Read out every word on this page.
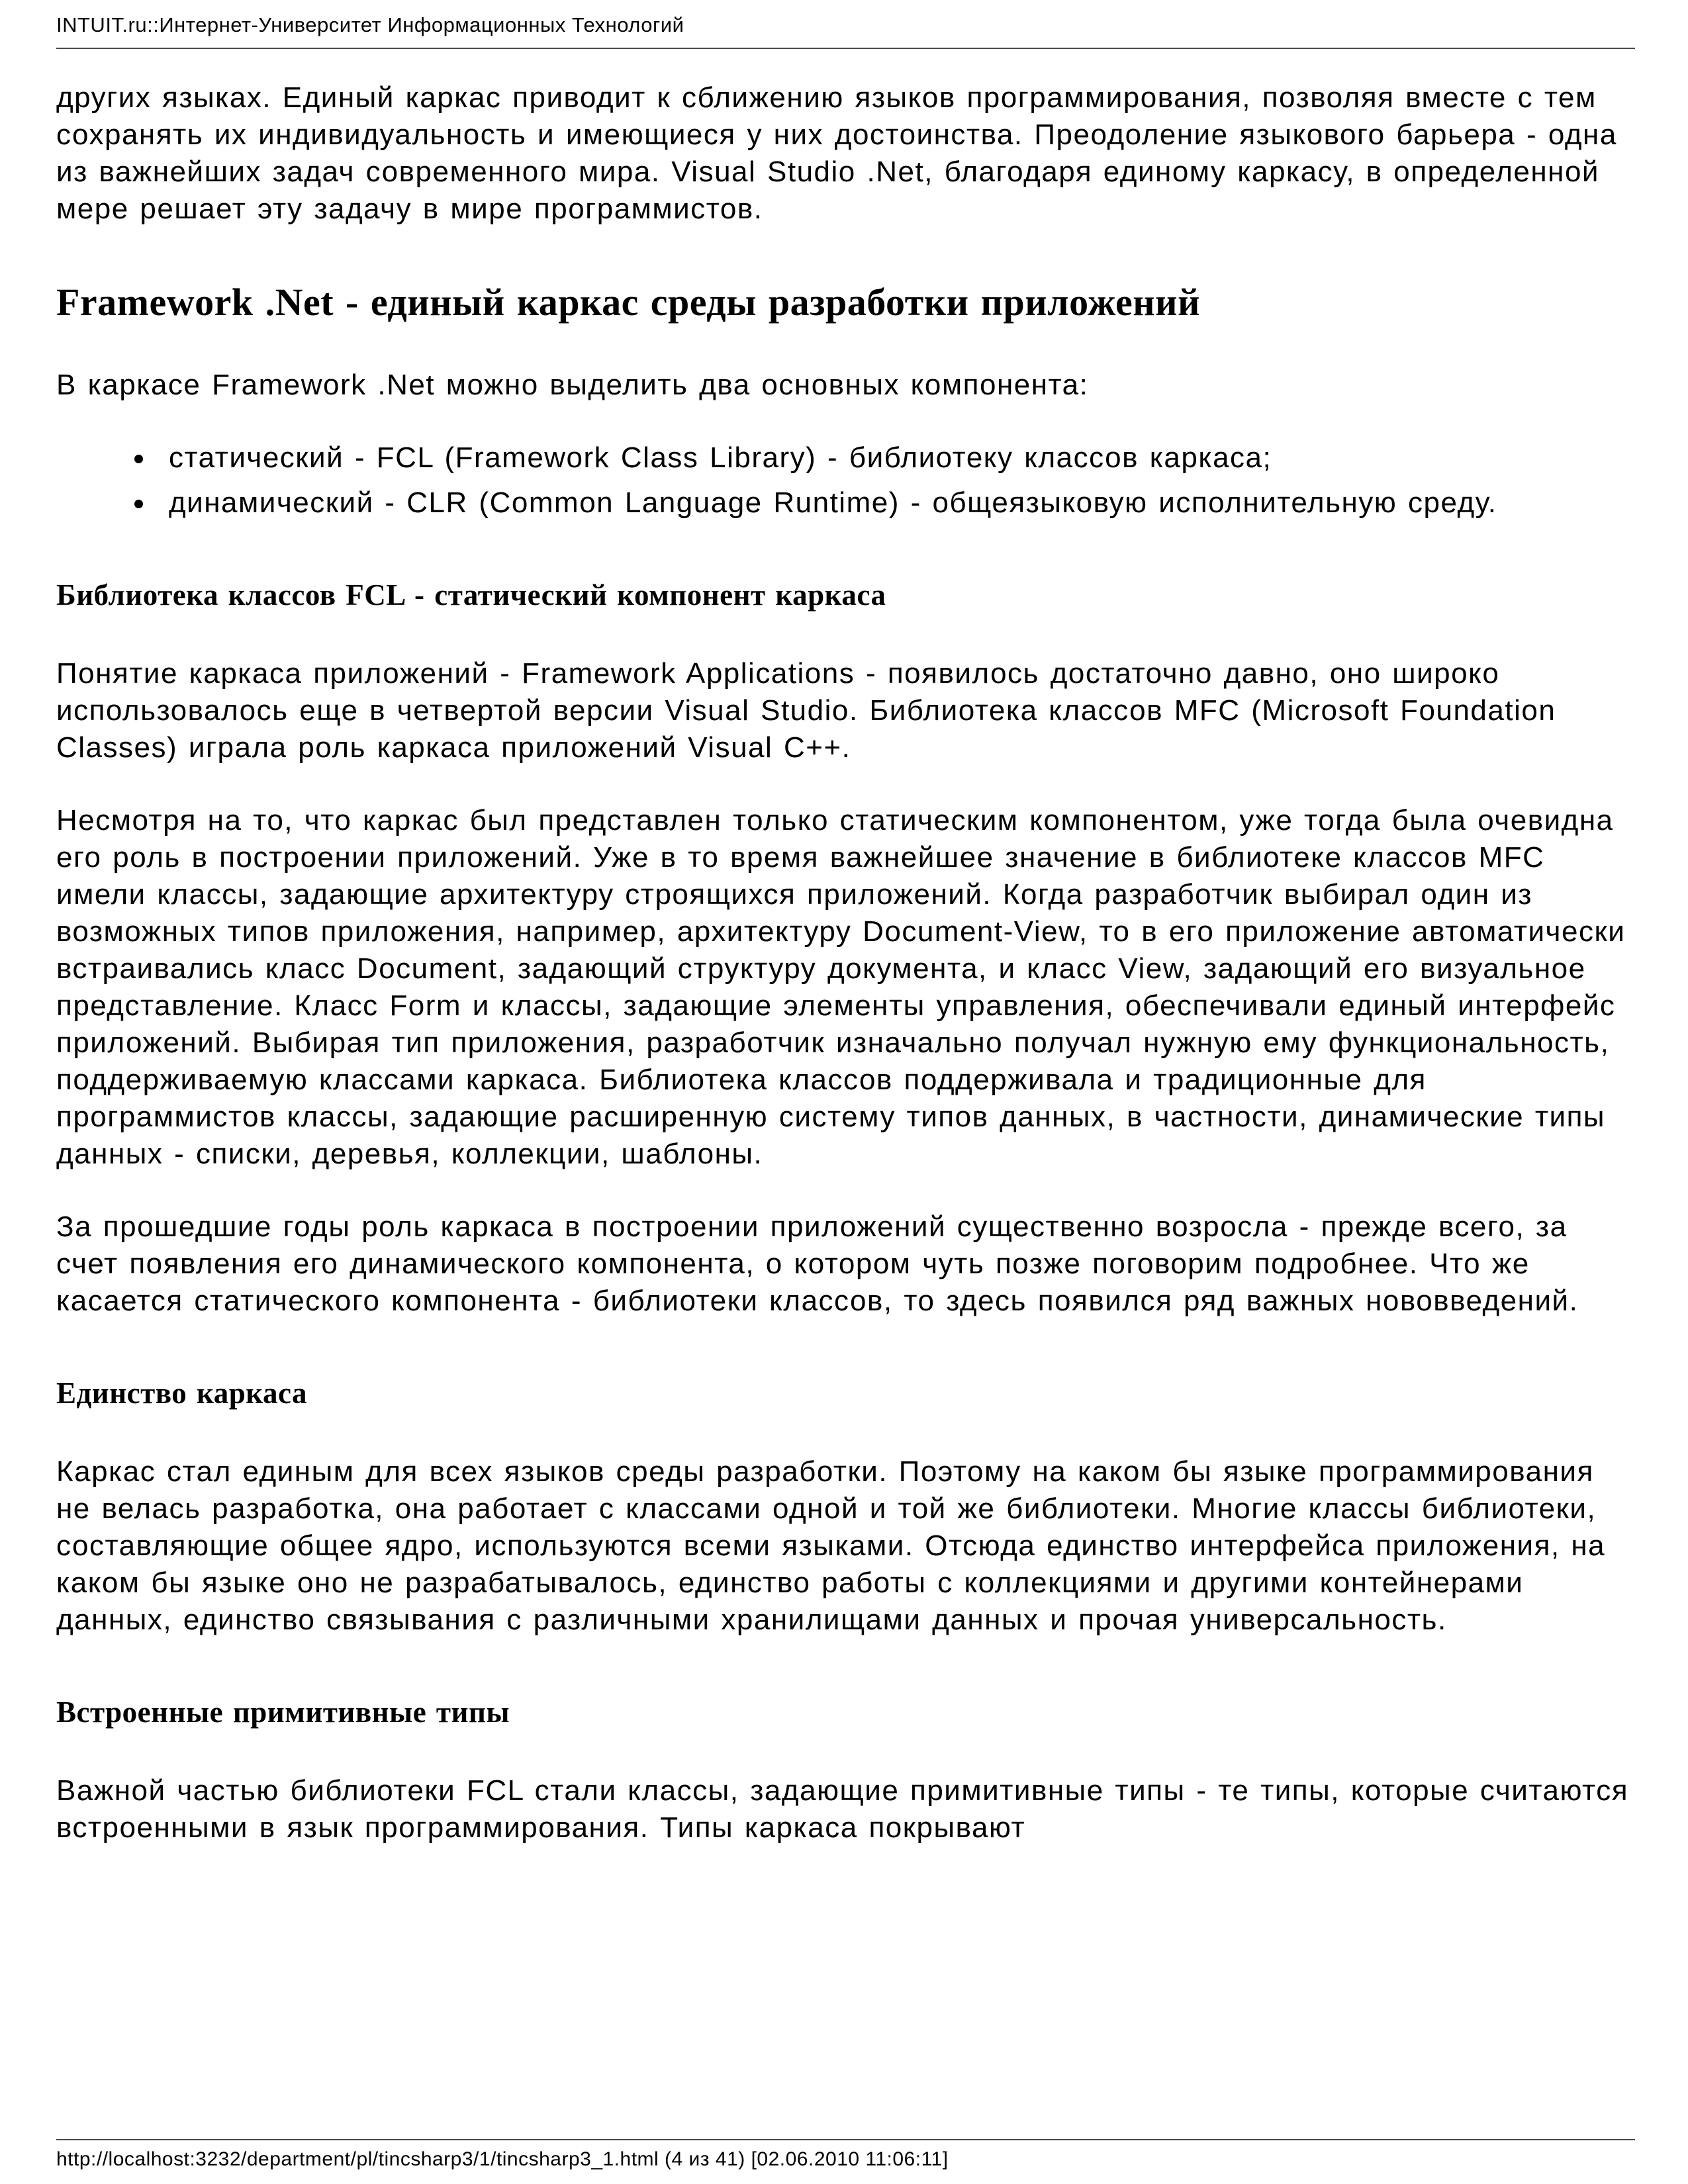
INTUIT.ru::Интернет-Университет Информационных Технологий

других языках. Единый каркас приводит к сближению языков программирования, позволяя вместе с тем сохранять их индивидуальность и имеющиеся у них достоинства. Преодоление языкового барьера - одна из важнейших задач современного мира. Visual Studio .Net, благодаря единому каркасу, в определенной мере решает эту задачу в мире программистов.

Framework .Net - единый каркас среды разработки приложений

В каркасе Framework .Net можно выделить два основных компонента:

статический - FCL (Framework Class Library) - библиотеку классов каркаса;
динамический - CLR (Common Language Runtime) - общеязыковую исполнительную среду.
Библиотека классов FCL - статический компонент каркаса

Понятие каркаса приложений - Framework Applications - появилось достаточно давно, оно широко использовалось еще в четвертой версии Visual Studio. Библиотека классов MFC (Microsoft Foundation Classes) играла роль каркаса приложений Visual C++.

Несмотря на то, что каркас был представлен только статическим компонентом, уже тогда была очевидна его роль в построении приложений. Уже в то время важнейшее значение в библиотеке классов MFC имели классы, задающие архитектуру строящихся приложений. Когда разработчик выбирал один из возможных типов приложения, например, архитектуру Document-View, то в его приложение автоматически встраивались класс Document, задающий структуру документа, и класс View, задающий его визуальное представление. Класс Form и классы, задающие элементы управления, обеспечивали единый интерфейс приложений. Выбирая тип приложения, разработчик изначально получал нужную ему функциональность, поддерживаемую классами каркаса. Библиотека классов поддерживала и традиционные для программистов классы, задающие расширенную систему типов данных, в частности, динамические типы данных - списки, деревья, коллекции, шаблоны.

За прошедшие годы роль каркаса в построении приложений существенно возросла - прежде всего, за счет появления его динамического компонента, о котором чуть позже поговорим подробнее. Что же касается статического компонента - библиотеки классов, то здесь появился ряд важных нововведений.

Единство каркаса

Каркас стал единым для всех языков среды разработки. Поэтому на каком бы языке программирования не велась разработка, она работает с классами одной и той же библиотеки. Многие классы библиотеки, составляющие общее ядро, используются всеми языками. Отсюда единство интерфейса приложения, на каком бы языке оно не разрабатывалось, единство работы с коллекциями и другими контейнерами данных, единство связывания с различными хранилищами данных и прочая универсальность.

Встроенные примитивные типы

Важной частью библиотеки FCL стали классы, задающие примитивные типы - те типы, которые считаются встроенными в язык программирования. Типы каркаса покрывают

http://localhost:3232/department/pl/tincsharp3/1/tincsharp3_1.html (4 из 41) [02.06.2010 11:06:11]
